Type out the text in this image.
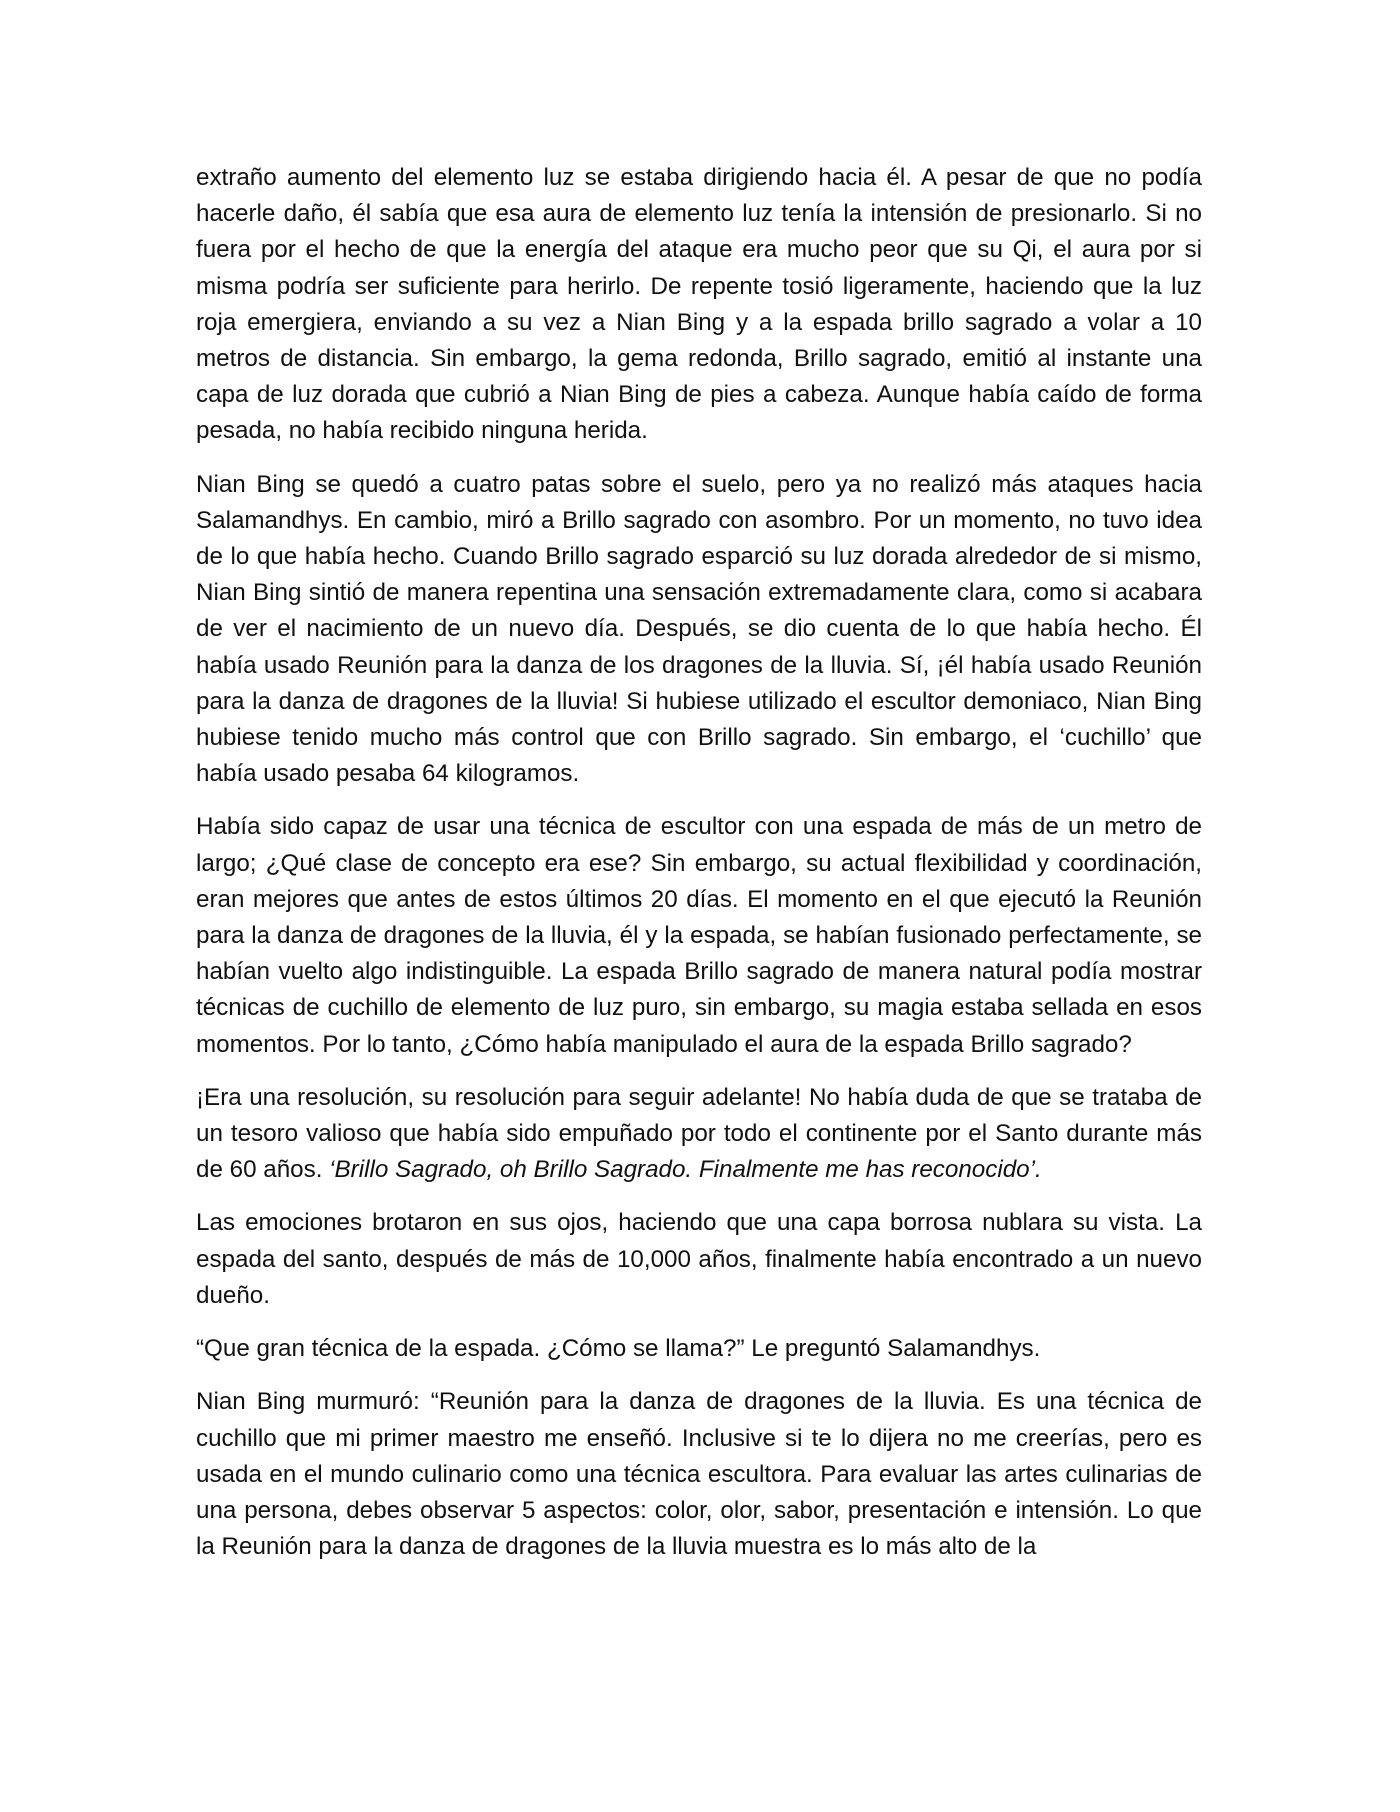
extraño aumento del elemento luz se estaba dirigiendo hacia él. A pesar de que no podía hacerle daño, él sabía que esa aura de elemento luz tenía la intensión de presionarlo. Si no fuera por el hecho de que la energía del ataque era mucho peor que su Qi, el aura por si misma podría ser suficiente para herirlo. De repente tosió ligeramente, haciendo que la luz roja emergiera, enviando a su vez a Nian Bing y a la espada brillo sagrado a volar a 10 metros de distancia. Sin embargo, la gema redonda, Brillo sagrado, emitió al instante una capa de luz dorada que cubrió a Nian Bing de pies a cabeza. Aunque había caído de forma pesada, no había recibido ninguna herida.

Nian Bing se quedó a cuatro patas sobre el suelo, pero ya no realizó más ataques hacia Salamandhys. En cambio, miró a Brillo sagrado con asombro. Por un momento, no tuvo idea de lo que había hecho. Cuando Brillo sagrado esparció su luz dorada alrededor de si mismo, Nian Bing sintió de manera repentina una sensación extremadamente clara, como si acabara de ver el nacimiento de un nuevo día. Después, se dio cuenta de lo que había hecho. Él había usado Reunión para la danza de los dragones de la lluvia. Sí, ¡él había usado Reunión para la danza de dragones de la lluvia! Si hubiese utilizado el escultor demoniaco, Nian Bing hubiese tenido mucho más control que con Brillo sagrado. Sin embargo, el ‘cuchillo’ que había usado pesaba 64 kilogramos.

Había sido capaz de usar una técnica de escultor con una espada de más de un metro de largo; ¿Qué clase de concepto era ese? Sin embargo, su actual flexibilidad y coordinación, eran mejores que antes de estos últimos 20 días. El momento en el que ejecutó la Reunión para la danza de dragones de la lluvia, él y la espada, se habían fusionado perfectamente, se habían vuelto algo indistinguible. La espada Brillo sagrado de manera natural podía mostrar técnicas de cuchillo de elemento de luz puro, sin embargo, su magia estaba sellada en esos momentos. Por lo tanto, ¿Cómo había manipulado el aura de la espada Brillo sagrado?

¡Era una resolución, su resolución para seguir adelante! No había duda de que se trataba de un tesoro valioso que había sido empuñado por todo el continente por el Santo durante más de 60 años. ‘Brillo Sagrado, oh Brillo Sagrado. Finalmente me has reconocido’.

Las emociones brotaron en sus ojos, haciendo que una capa borrosa nublara su vista. La espada del santo, después de más de 10,000 años, finalmente había encontrado a un nuevo dueño.

“Que gran técnica de la espada. ¿Cómo se llama?” Le preguntó Salamandhys.

Nian Bing murmuró: “Reunión para la danza de dragones de la lluvia. Es una técnica de cuchillo que mi primer maestro me enseñó. Inclusive si te lo dijera no me creerías, pero es usada en el mundo culinario como una técnica escultora. Para evaluar las artes culinarias de una persona, debes observar 5 aspectos: color, olor, sabor, presentación e intensión. Lo que la Reunión para la danza de dragones de la lluvia muestra es lo más alto de la
